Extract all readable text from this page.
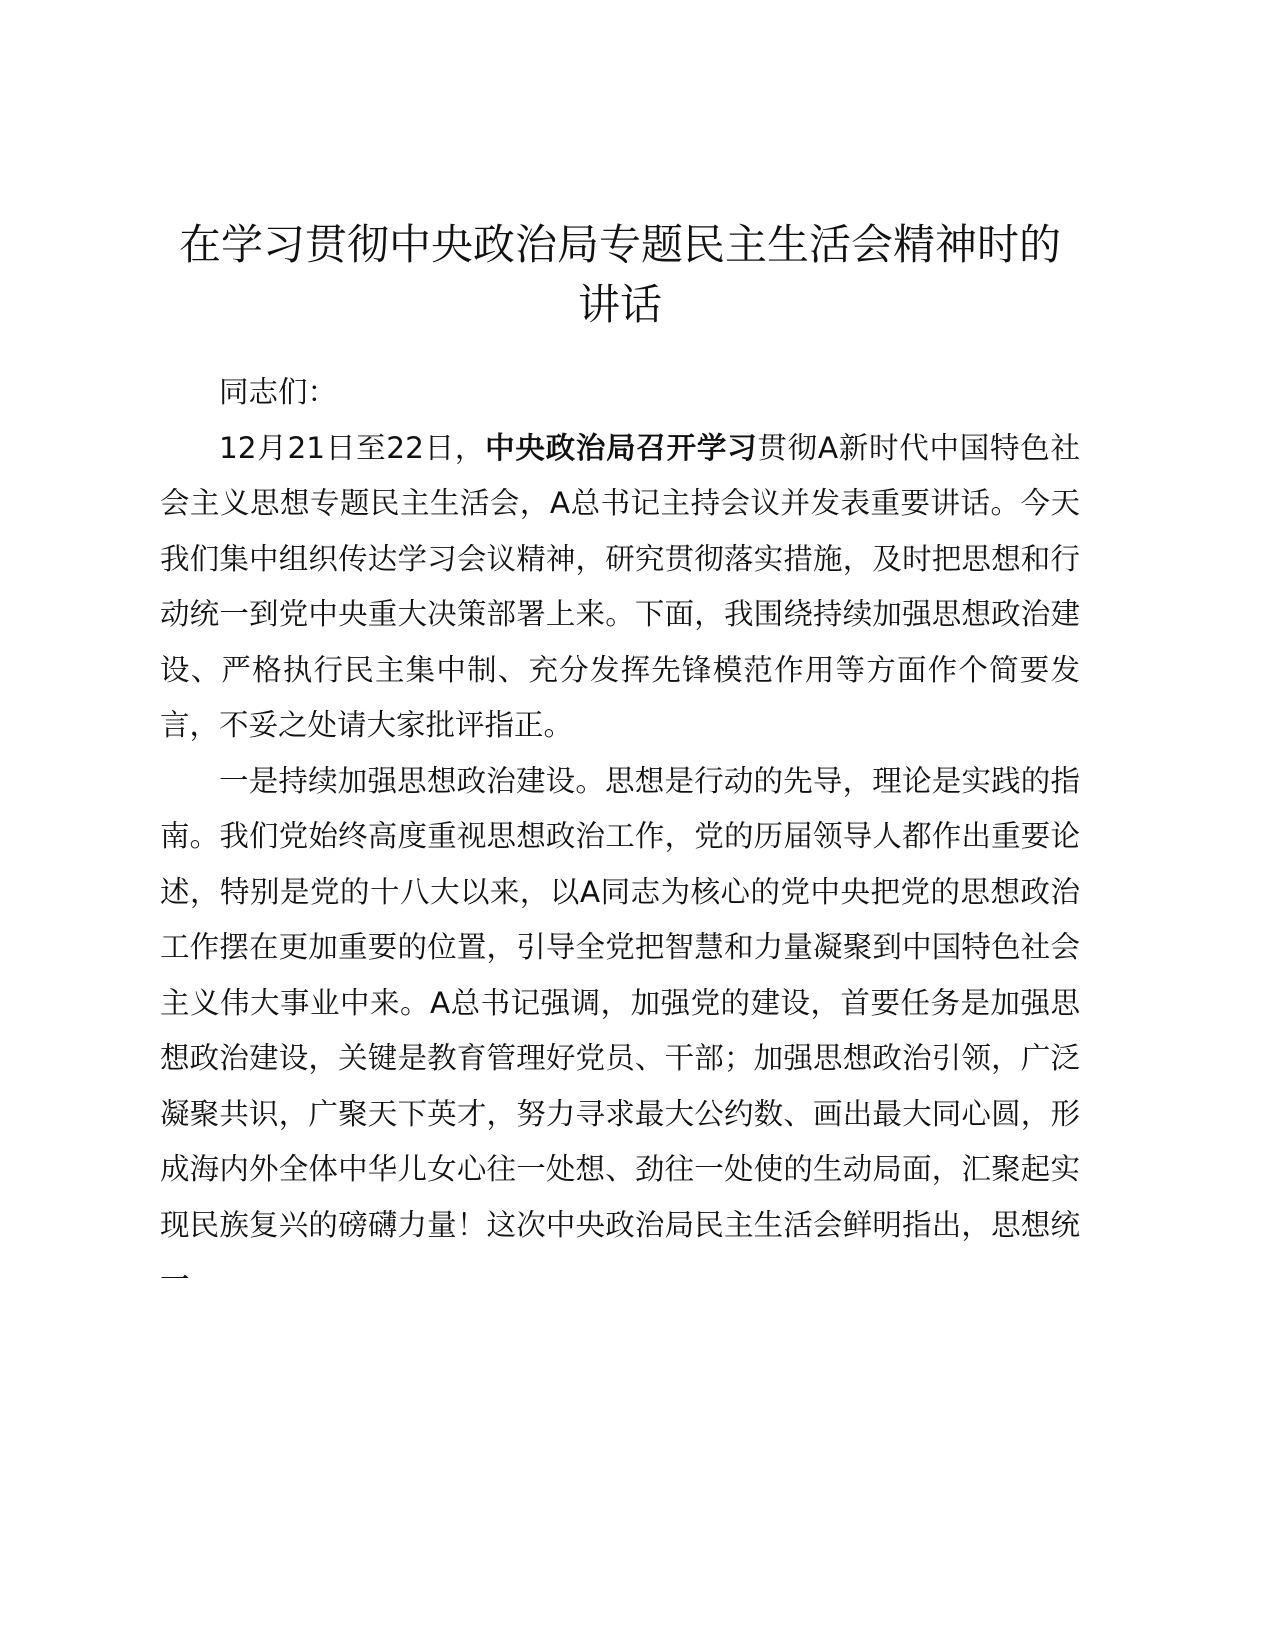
在学习贯彻中央政治局专题民主生活会精神时的讲话

同志们：

12月21日至22日，中央政治局召开学习贯彻A新时代中国特色社会主义思想专题民主生活会，A总书记主持会议并发表重要讲话。今天我们集中组织传达学习会议精神，研究贯彻落实措施，及时把思想和行动统一到党中央重大决策部署上来。下面，我围绕持续加强思想政治建设、严格执行民主集中制、充分发挥先锋模范作用等方面作个简要发言，不妥之处请大家批评指正。

一是持续加强思想政治建设。思想是行动的先导，理论是实践的指南。我们党始终高度重视思想政治工作，党的历届领导人都作出重要论述，特别是党的十八大以来，以A同志为核心的党中央把党的思想政治工作摆在更加重要的位置，引导全党把智慧和力量凝聚到中国特色社会主义伟大事业中来。A总书记强调，加强党的建设，首要任务是加强思想政治建设，关键是教育管理好党员、干部；加强思想政治引领，广泛凝聚共识，广聚天下英才，努力寻求最大公约数、画出最大同心圆，形成海内外全体中华儿女心往一处想、劲往一处使的生动局面，汇聚起实现民族复兴的磅礴力量！这次中央政治局民主生活会鲜明指出，思想统一
